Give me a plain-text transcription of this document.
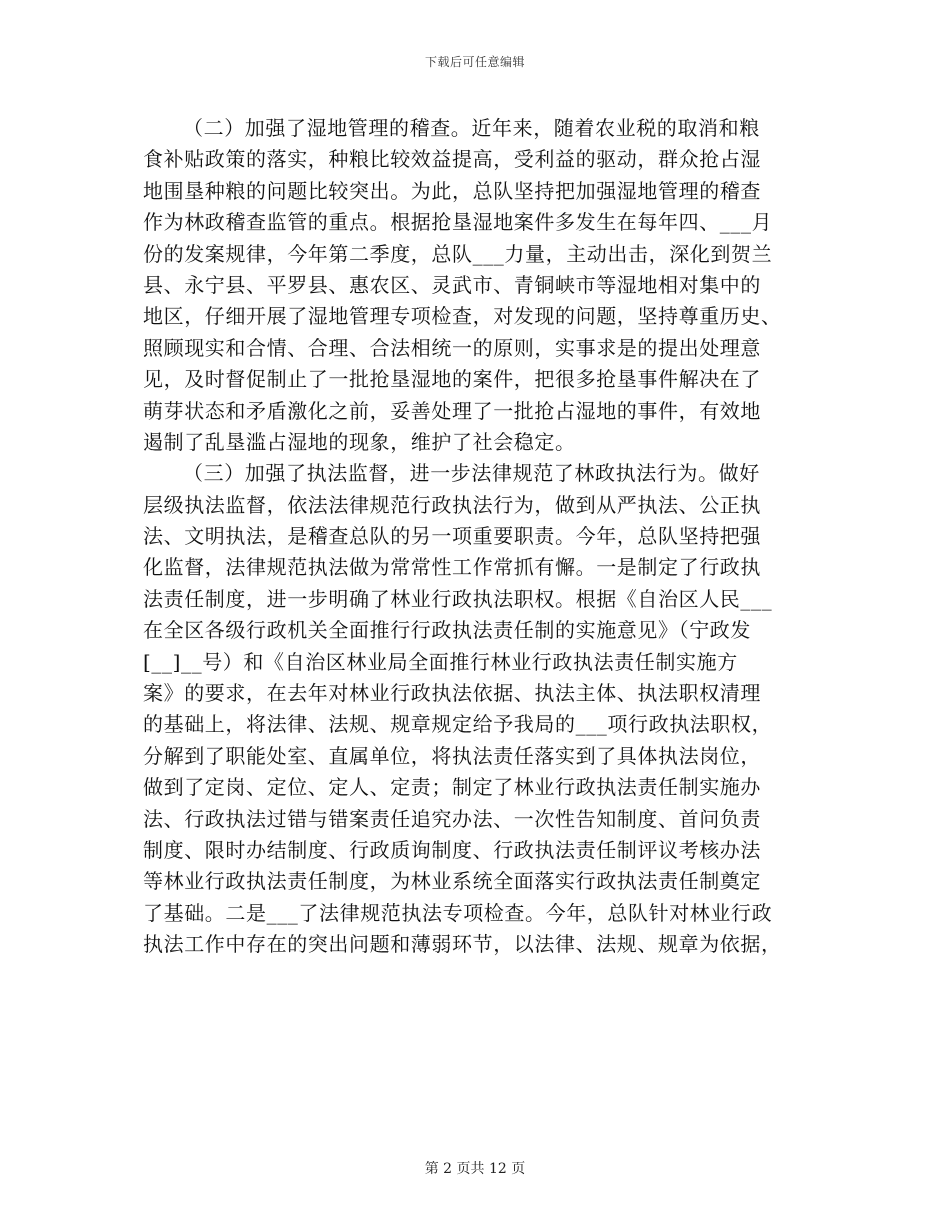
下载后可任意编辑
（二）加强了湿地管理的稽查。近年来，随着农业税的取消和粮
食补贴政策的落实，种粮比较效益提高，受利益的驱动，群众抢占湿
地围垦种粮的问题比较突出。为此，总队坚持把加强湿地管理的稽查
作为林政稽查监管的重点。根据抢垦湿地案件多发生在每年四、___月
份的发案规律，今年第二季度，总队___力量，主动出击，深化到贺兰
县、永宁县、平罗县、惠农区、灵武市、青铜峡市等湿地相对集中的
地区，仔细开展了湿地管理专项检查，对发现的问题，坚持尊重历史、
照顾现实和合情、合理、合法相统一的原则，实事求是的提出处理意
见，及时督促制止了一批抢垦湿地的案件，把很多抢垦事件解决在了
萌芽状态和矛盾激化之前，妥善处理了一批抢占湿地的事件，有效地
遏制了乱垦滥占湿地的现象，维护了社会稳定。
（三）加强了执法监督，进一步法律规范了林政执法行为。做好
层级执法监督，依法法律规范行政执法行为，做到从严执法、公正执
法、文明执法，是稽查总队的另一项重要职责。今年，总队坚持把强
化监督，法律规范执法做为常常性工作常抓有懈。一是制定了行政执
法责任制度，进一步明确了林业行政执法职权。根据《自治区人民___
在全区各级行政机关全面推行行政执法责任制的实施意见》（宁政发
[__]__号）和《自治区林业局全面推行林业行政执法责任制实施方
案》的要求，在去年对林业行政执法依据、执法主体、执法职权清理
的基础上，将法律、法规、规章规定给予我局的___项行政执法职权，
分解到了职能处室、直属单位，将执法责任落实到了具体执法岗位，
做到了定岗、定位、定人、定责；制定了林业行政执法责任制实施办
法、行政执法过错与错案责任追究办法、一次性告知制度、首问负责
制度、限时办结制度、行政质询制度、行政执法责任制评议考核办法
等林业行政执法责任制度，为林业系统全面落实行政执法责任制奠定
了基础。二是___了法律规范执法专项检查。今年，总队针对林业行政
执法工作中存在的突出问题和薄弱环节，以法律、法规、规章为依据，
第 2 页共 12 页
